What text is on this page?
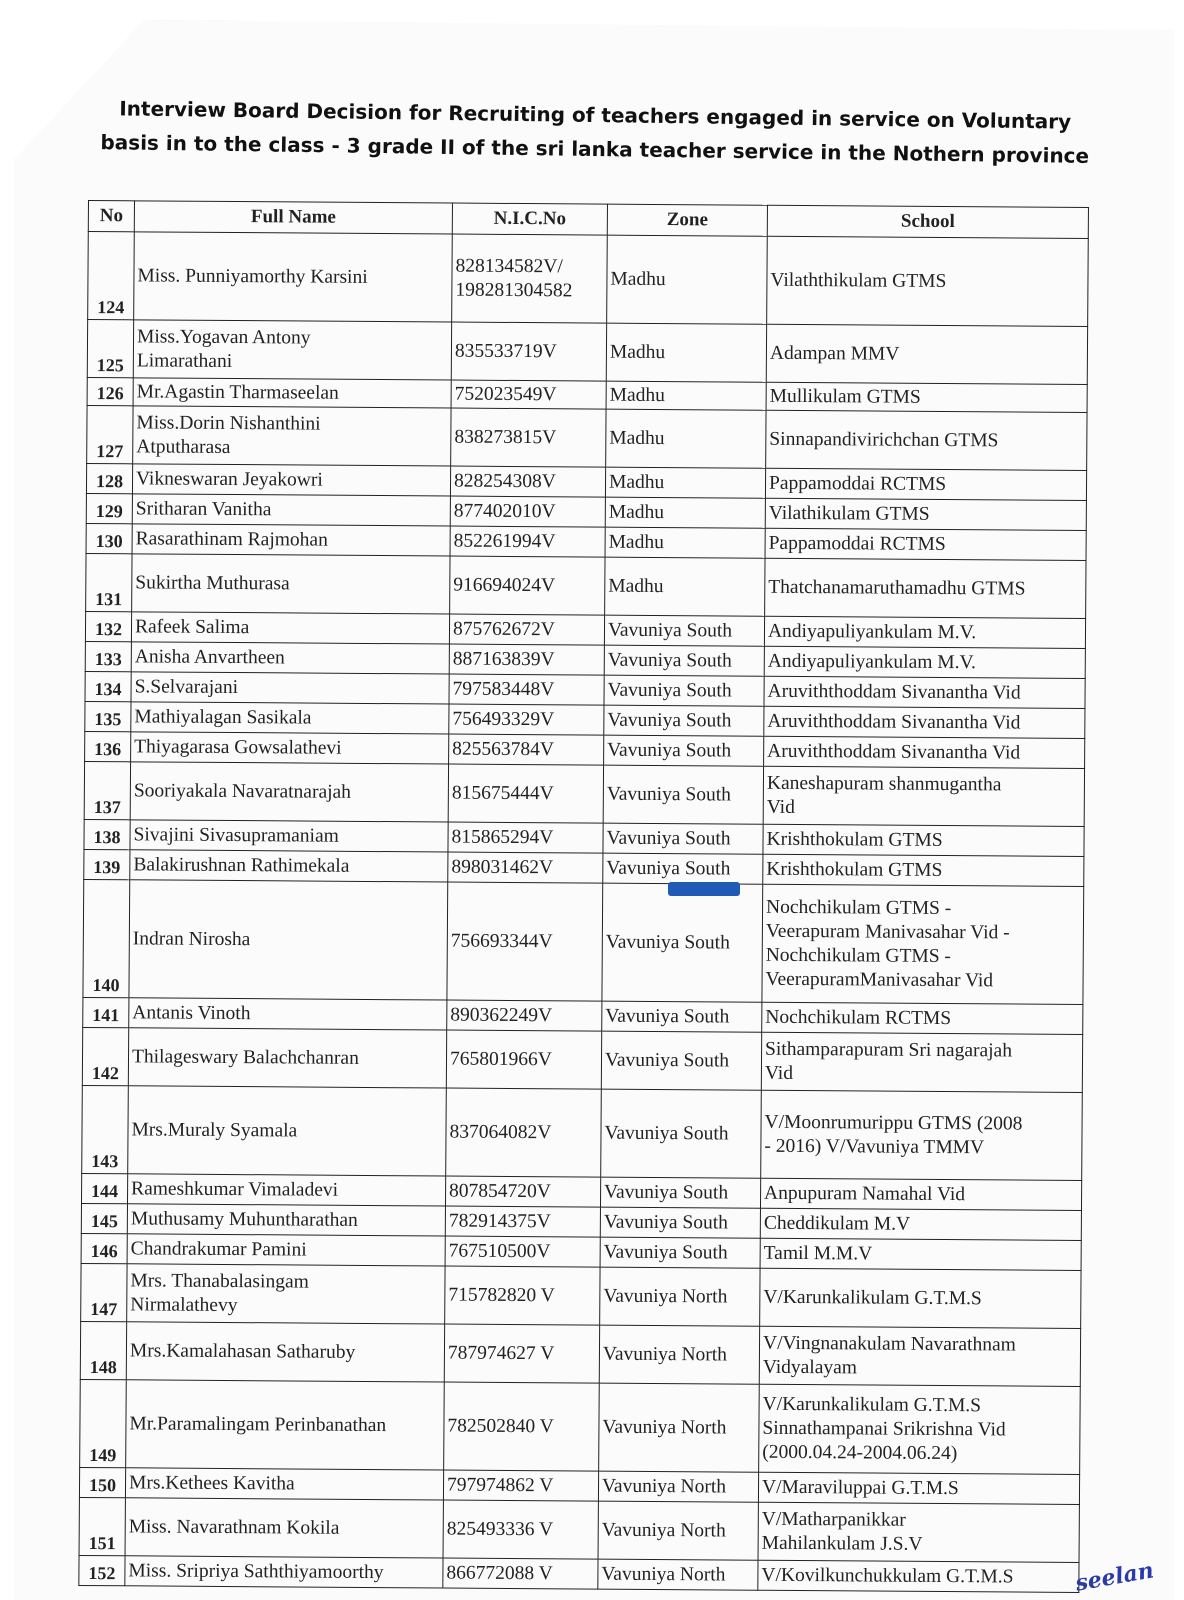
Interview Board Decision for Recruiting of teachers engaged in service on Voluntary
basis in to the class - 3 grade II of the sri lanka teacher service in the Nothern province
No	Full Name	N.I.C.No	Zone	School
124	Miss. Punniyamorthy Karsini	828134582V/
198281304582	Madhu	Vilaththikulam GTMS
125	Miss.Yogavan Antony
Limarathani	835533719V	Madhu	Adampan MMV
126	Mr.Agastin Tharmaseelan	752023549V	Madhu	Mullikulam GTMS
127	Miss.Dorin Nishanthini
Atputharasa	838273815V	Madhu	Sinnapandivirichchan GTMS
128	Vikneswaran Jeyakowri	828254308V	Madhu	Pappamoddai RCTMS
129	Sritharan Vanitha	877402010V	Madhu	Vilathikulam GTMS
130	Rasarathinam Rajmohan	852261994V	Madhu	Pappamoddai RCTMS
131	Sukirtha Muthurasa	916694024V	Madhu	Thatchanamaruthamadhu GTMS
132	Rafeek Salima	875762672V	Vavuniya South	Andiyapuliyankulam M.V.
133	Anisha Anvartheen	887163839V	Vavuniya South	Andiyapuliyankulam M.V.
134	S.Selvarajani	797583448V	Vavuniya South	Aruviththoddam Sivanantha Vid
135	Mathiyalagan Sasikala	756493329V	Vavuniya South	Aruviththoddam Sivanantha Vid
136	Thiyagarasa Gowsalathevi	825563784V	Vavuniya South	Aruviththoddam Sivanantha Vid
137	Sooriyakala Navaratnarajah	815675444V	Vavuniya South	Kaneshapuram shanmugantha
Vid
138	Sivajini Sivasupramaniam	815865294V	Vavuniya South	Krishthokulam GTMS
139	Balakirushnan Rathimekala	898031462V	Vavuniya South	Krishthokulam GTMS
140	Indran Nirosha	756693344V	Vavuniya South	Nochchikulam GTMS -
Veerapuram Manivasahar Vid -
Nochchikulam GTMS -
VeerapuramManivasahar Vid
141	Antanis Vinoth	890362249V	Vavuniya South	Nochchikulam RCTMS
142	Thilageswary Balachchanran	765801966V	Vavuniya South	Sithamparapuram Sri nagarajah
Vid
143	Mrs.Muraly Syamala	837064082V	Vavuniya South	V/Moonrumurippu GTMS (2008
- 2016) V/Vavuniya TMMV
144	Rameshkumar Vimaladevi	807854720V	Vavuniya South	Anpupuram Namahal Vid
145	Muthusamy Muhuntharathan	782914375V	Vavuniya South	Cheddikulam M.V
146	Chandrakumar Pamini	767510500V	Vavuniya South	Tamil M.M.V
147	Mrs. Thanabalasingam
Nirmalathevy	715782820 V	Vavuniya North	V/Karunkalikulam G.T.M.S
148	Mrs.Kamalahasan Satharuby	787974627 V	Vavuniya North	V/Vingnanakulam Navarathnam
Vidyalayam
149	Mr.Paramalingam Perinbanathan	782502840 V	Vavuniya North	V/Karunkalikulam G.T.M.S
Sinnathampanai Srikrishna Vid
(2000.04.24-2004.06.24)
150	Mrs.Kethees Kavitha	797974862 V	Vavuniya North	V/Maraviluppai G.T.M.S
151	Miss. Navarathnam Kokila	825493336 V	Vavuniya North	V/Matharpanikkar
Mahilankulam J.S.V
152	Miss. Sripriya Saththiyamoorthy	866772088 V	Vavuniya North	V/Kovilkunchukkulam G.T.M.S	seelan
